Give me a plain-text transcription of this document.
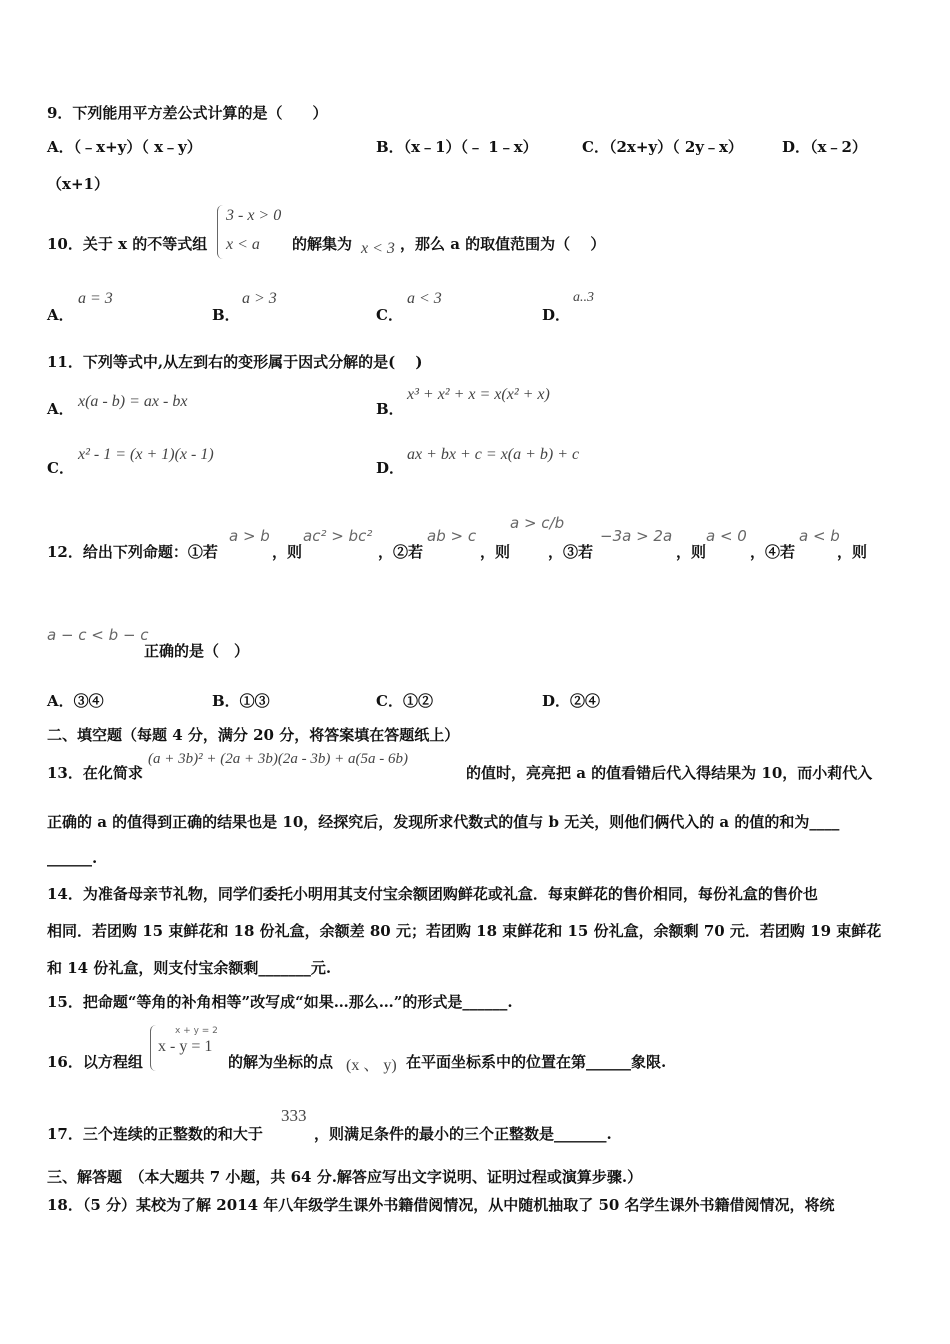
9．下列能用平方差公式计算的是（　　）
A．（﹣x+y）（ x﹣y）	B．（x﹣1）（﹣ 1﹣x）	C．（2x+y）（ 2y﹣x）	D．（x﹣2）
（x+1）
10．关于 x 的不等式组
3 - x > 0
x < a 的解集为 x < 3 ，那么 a 的取值范围为（　 ）
A．
a = 3
B．
a > 3
C．
a < 3
D．
a..3
11．下列等式中,从左到右的变形属于因式分解的是(　 )
A． x(a - b) = ax - bx	B．
x³ + x² + x = x(x² + x)
C．
x² - 1 = (x + 1)(x - 1)
D．
ax + bx + c = x(a + b) + c
12．给出下列命题：①若
a > b
，则
ac² > bc²
，②若
ab > c
，则
a > c/b
，③若
−3a > 2a
，则
a < 0
，④若
a < b
，则
a − c < b − c
正确的是（　）
A．③④	B．①③	C．①②	D．②④
二、填空题（每题 4 分，满分 20 分，将答案填在答题纸上）
13．在化简求
(a + 3b)² + (2a + 3b)(2a - 3b) + a(5a - 6b)
的值时，亮亮把 a 的值看错后代入得结果为 10，而小莉代入
正确的 a 的值得到正确的结果也是 10，经探究后，发现所求代数式的值与 b 无关，则他们俩代入的 a 的值的和为____
______.
14．为准备母亲节礼物，同学们委托小明用其支付宝余额团购鲜花或礼盒．每束鲜花的售价相同，每份礼盒的售价也
相同．若团购 15 束鲜花和 18 份礼盒，余额差 80 元；若团购 18 束鲜花和 15 份礼盒，余额剩 70 元．若团购 19 束鲜花
和 14 份礼盒，则支付宝余额剩_______元.
15．把命题“等角的补角相等”改写成“如果…那么…”的形式是______.
16．以方程组
x + y = 2
x - y = 1
的解为坐标的点 (x 、 y) 在平面坐标系中的位置在第______象限.
17．三个连续的正整数的和大于
333
，则满足条件的最小的三个正整数是_______.
三、解答题　（本大题共 7 小题，共 64 分.解答应写出文字说明、证明过程或演算步骤.）
18．（5 分）某校为了解 2014 年八年级学生课外书籍借阅情况，从中随机抽取了 50 名学生课外书籍借阅情况，将统
